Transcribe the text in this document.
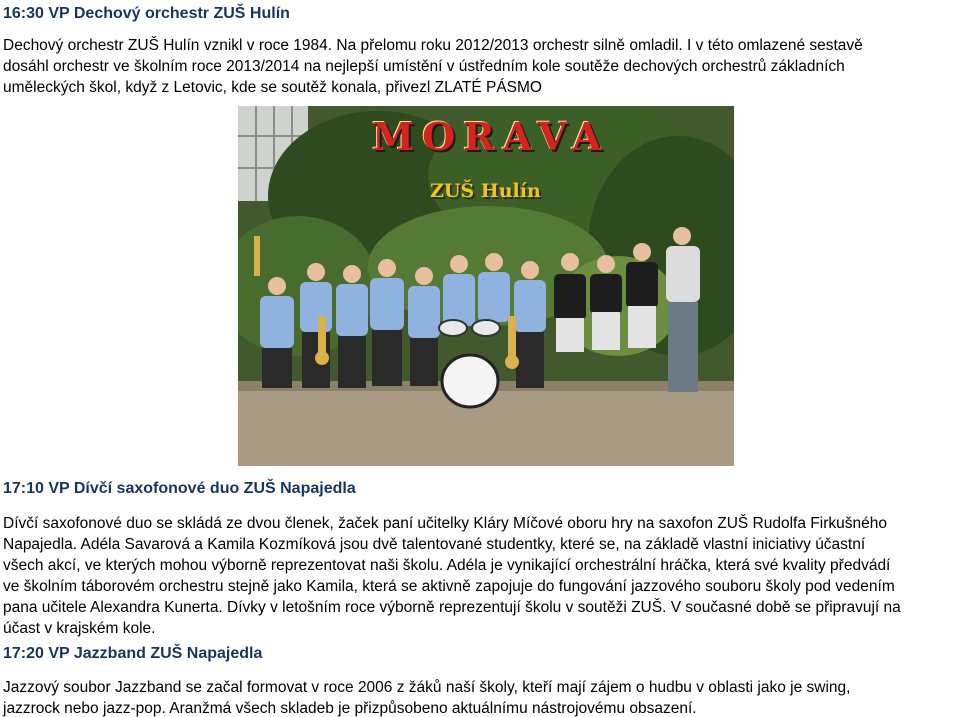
16:30 VP Dechový orchestr ZUŠ Hulín
Dechový orchestr ZUŠ Hulín vznikl v roce 1984. Na přelomu roku 2012/2013 orchestr silně omladil. I v této omlazené sestavě
dosáhl orchestr ve školním roce 2013/2014 na nejlepší umístění v ústředním kole soutěže dechových orchestrů základních
uměleckých škol, když z Letovic, kde se soutěž konala, přivezl ZLATÉ PÁSMO
MORAVA
ZUŠ Hulín
17:10 VP Dívčí saxofonové duo ZUŠ Napajedla
Dívčí saxofonové duo se skládá ze dvou členek, žaček paní učitelky Kláry Míčové oboru hry na saxofon ZUŠ Rudolfa Firkušného
Napajedla. Adéla Savarová a Kamila Kozmíková jsou dvě talentované studentky, které se, na základě vlastní iniciativy účastní
všech akcí, ve kterých mohou výborně reprezentovat naši školu. Adéla je vynikající orchestrální hráčka, která své kvality předvádí
ve školním táborovém orchestru stejně jako Kamila, která se aktivně zapojuje do fungování jazzového souboru školy pod vedením
pana učitele Alexandra Kunerta. Dívky v letošním roce výborně reprezentují školu v soutěži ZUŠ. V současné době se připravují na
účast v krajském kole.
17:20 VP Jazzband ZUŠ Napajedla
Jazzový soubor Jazzband se začal formovat v roce 2006 z žáků naší školy, kteří mají zájem o hudbu v oblasti jako je swing,
jazzrock nebo jazz-pop. Aranžmá všech skladeb je přizpůsobeno aktuálnímu nástrojovému obsazení.
